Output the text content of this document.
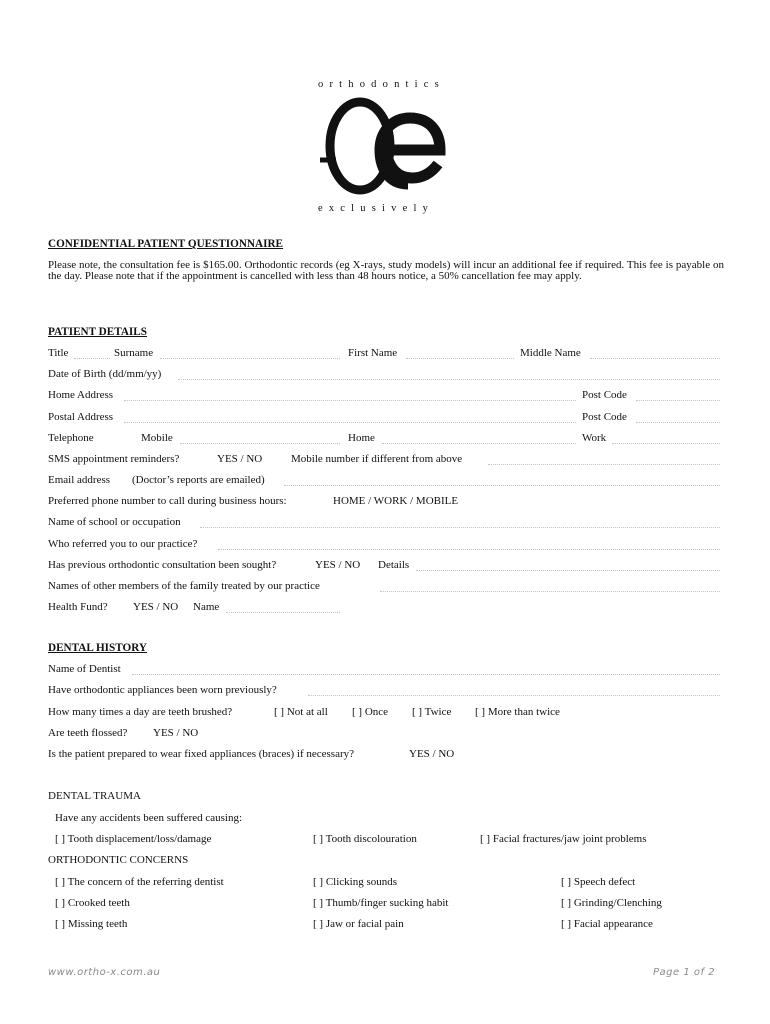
orthodontics
exclusively
CONFIDENTIAL PATIENT QUESTIONNAIRE
Please note, the consultation fee is $165.00. Orthodontic records (eg X-rays, study models) will incur an additional fee if required. This fee is payable on the day. Please note that if the appointment is cancelled with less than 48 hours notice, a 50% cancellation fee may apply.
PATIENT DETAILS
Title	Surname	First Name	Middle Name
Date of Birth (dd/mm/yy)
Home Address	Post Code
Postal Address	Post Code
Telephone	Mobile	Home	Work
SMS appointment reminders?	YES / NO	Mobile number if different from above
Email address (Doctor’s reports are emailed)
Preferred phone number to call during business hours:	HOME / WORK / MOBILE
Name of school or occupation
Who referred you to our practice?
Has previous orthodontic consultation been sought?	YES / NO Details
Names of other members of the family treated by our practice
Health Fund? YES / NO Name
DENTAL HISTORY
Name of Dentist
Have orthodontic appliances been worn previously?
How many times a day are teeth brushed?	[ ] Not at all [ ] Once [ ] Twice [ ] More than twice
Are teeth flossed? YES / NO
Is the patient prepared to wear fixed appliances (braces) if necessary?	YES / NO
DENTAL TRAUMA
Have any accidents been suffered causing:
[ ] Tooth displacement/loss/damage	[ ] Tooth discolouration	[ ] Facial fractures/jaw joint problems
ORTHODONTIC CONCERNS
[ ] The concern of the referring dentist	[ ] Clicking sounds	[ ] Speech defect
[ ] Crooked teeth	[ ] Thumb/finger sucking habit	[ ] Grinding/Clenching
[ ] Missing teeth	[ ] Jaw or facial pain	[ ] Facial appearance
www.ortho-x.com.au	Page 1 of 2
